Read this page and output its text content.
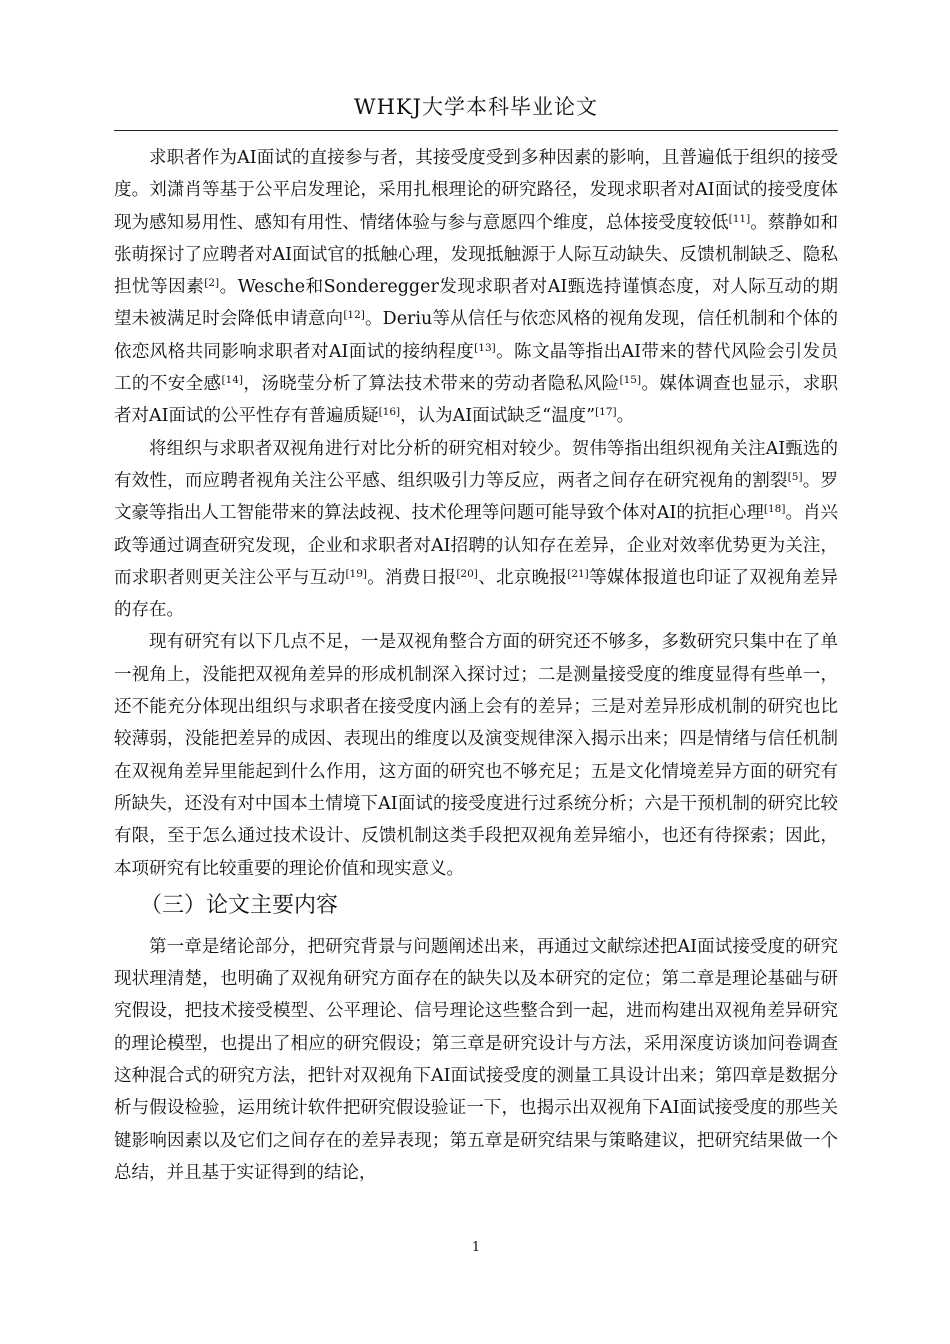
WHKJ大学本科毕业论文

求职者作为AI面试的直接参与者，其接受度受到多种因素的影响，且普遍低于组织的接受度。刘潇肖等基于公平启发理论，采用扎根理论的研究路径，发现求职者对AI面试的接受度体现为感知易用性、感知有用性、情绪体验与参与意愿四个维度，总体接受度较低[11]。蔡静如和张萌探讨了应聘者对AI面试官的抵触心理，发现抵触源于人际互动缺失、反馈机制缺乏、隐私担忧等因素[2]。Wesche和Sonderegger发现求职者对AI甄选持谨慎态度，对人际互动的期望未被满足时会降低申请意向[12]。Deriu等从信任与依恋风格的视角发现，信任机制和个体的依恋风格共同影响求职者对AI面试的接纳程度[13]。陈文晶等指出AI带来的替代风险会引发员工的不安全感[14]，汤晓莹分析了算法技术带来的劳动者隐私风险[15]。媒体调查也显示，求职者对AI面试的公平性存有普遍质疑[16]，认为AI面试缺乏“温度”[17]。

将组织与求职者双视角进行对比分析的研究相对较少。贺伟等指出组织视角关注AI甄选的有效性，而应聘者视角关注公平感、组织吸引力等反应，两者之间存在研究视角的割裂[5]。罗文豪等指出人工智能带来的算法歧视、技术伦理等问题可能导致个体对AI的抗拒心理[18]。肖兴政等通过调查研究发现，企业和求职者对AI招聘的认知存在差异，企业对效率优势更为关注，而求职者则更关注公平与互动[19]。消费日报[20]、北京晚报[21]等媒体报道也印证了双视角差异的存在。

现有研究有以下几点不足，一是双视角整合方面的研究还不够多，多数研究只集中在了单一视角上，没能把双视角差异的形成机制深入探讨过；二是测量接受度的维度显得有些单一，还不能充分体现出组织与求职者在接受度内涵上会有的差异；三是对差异形成机制的研究也比较薄弱，没能把差异的成因、表现出的维度以及演变规律深入揭示出来；四是情绪与信任机制在双视角差异里能起到什么作用，这方面的研究也不够充足；五是文化情境差异方面的研究有所缺失，还没有对中国本土情境下AI面试的接受度进行过系统分析；六是干预机制的研究比较有限，至于怎么通过技术设计、反馈机制这类手段把双视角差异缩小，也还有待探索；因此，本项研究有比较重要的理论价值和现实意义。

（三）论文主要内容

第一章是绪论部分，把研究背景与问题阐述出来，再通过文献综述把AI面试接受度的研究现状理清楚，也明确了双视角研究方面存在的缺失以及本研究的定位；第二章是理论基础与研究假设，把技术接受模型、公平理论、信号理论这些整合到一起，进而构建出双视角差异研究的理论模型，也提出了相应的研究假设；第三章是研究设计与方法，采用深度访谈加问卷调查这种混合式的研究方法，把针对双视角下AI面试接受度的测量工具设计出来；第四章是数据分析与假设检验，运用统计软件把研究假设验证一下，也揭示出双视角下AI面试接受度的那些关键影响因素以及它们之间存在的差异表现；第五章是研究结果与策略建议，把研究结果做一个总结，并且基于实证得到的结论，

1
